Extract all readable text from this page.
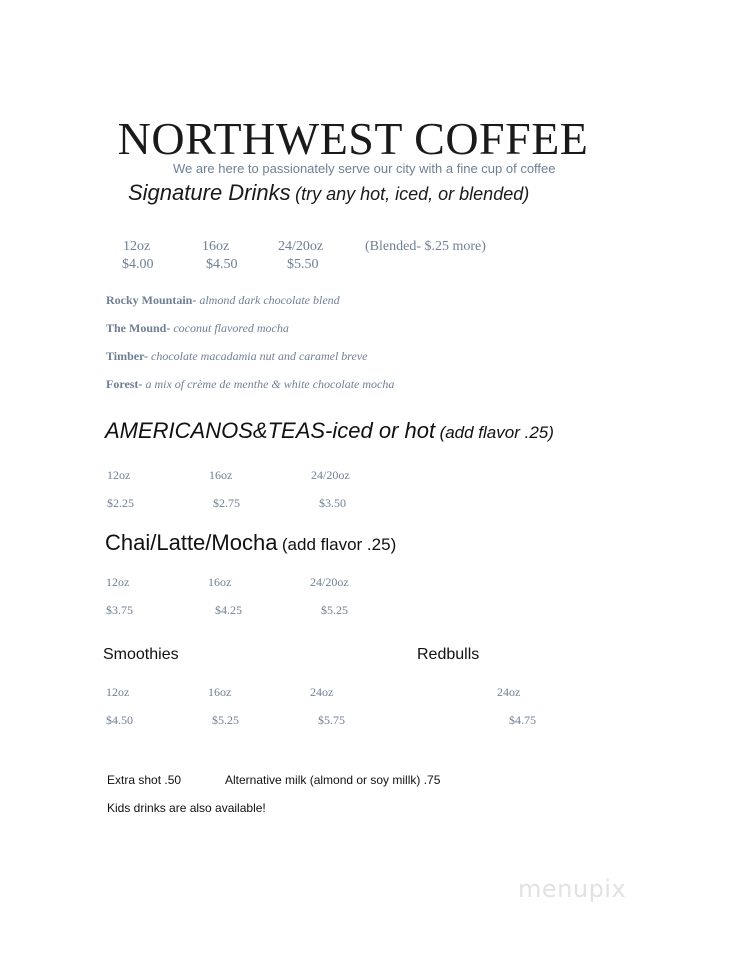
NORTHWEST COFFEE
We are here to passionately serve our city with a fine cup of coffee
Signature Drinks (try any hot, iced, or blended)
12oz	16oz	24/20oz	(Blended- $.25 more)
$4.00	$4.50	$5.50
Rocky Mountain- almond dark chocolate blend
The Mound- coconut flavored mocha
Timber- chocolate macadamia nut and caramel breve
Forest- a mix of crème de menthe & white chocolate mocha
AMERICANOS&TEAS-iced or hot (add flavor .25)
12oz	16oz	24/20oz
$2.25	$2.75	$3.50
Chai/Latte/Mocha (add flavor .25)
12oz	16oz	24/20oz
$3.75	$4.25	$5.25
Smoothies
12oz	16oz	24oz
$4.50	$5.25	$5.75
Redbulls
24oz
$4.75
Extra shot .50	Alternative milk (almond or soy millk) .75
Kids drinks are also available!
menupix
